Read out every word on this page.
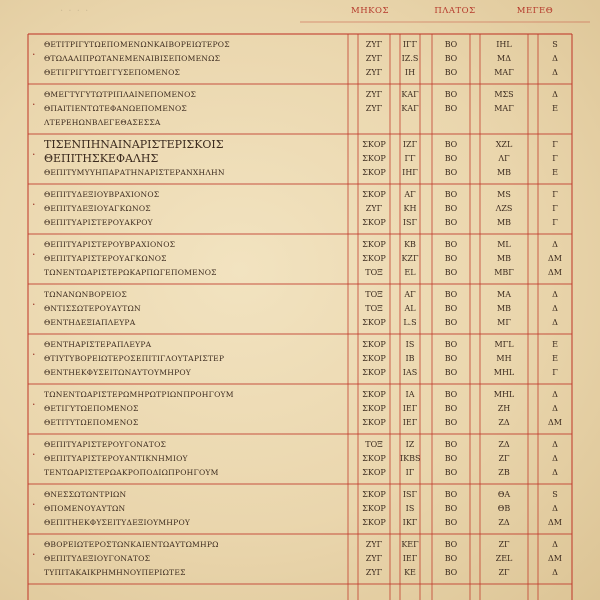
· · · ·	ΜΗΚΟΣ	ΠΛΑΤΟΣ	ΜΕΓΕΘ
ΘΕΤΙΤΡΙΓΥΤΩΕΠΟΜΕΝΩΝΚΑΙΒΟΡΕΙΩΤΕΡΟΣ	ΖΥΓ	ΙΓΓ	ΒΟ	ΙΗL	S
ΘΤΩΛΑΛΙΠΡΩΤΑΝΕΜΕΝΑΙΒΙΣΕΠΟΜΕΝΩΣ	ΖΥΓ	ΙΖ.S	ΒΟ	ΜΔ	Δ
ΘΕΤΙΓΡΙΓΥΤΩΕΓΓΥΣΕΠΟΜΕΝΟΣ	ΖΥΓ	ΙΗ	ΒΟ	ΜΑΓ	Δ
·
ΘΜΕΓΤΥΓΥΤΩΤΡΙΠΛΑΙΝΕΠΟΜΕΝΟΣ	ΖΥΓ	ΚΑΓ	ΒΟ	ΜΣS	Δ
ΘΠΑΙΤΙΕΝΤΩΤΕΦΑΝΩΕΠΟΜΕΝΟΣ	ΖΥΓ	ΚΑΓ	ΒΟ	ΜΑΓ	Ε
ΛΤΕΡΕΗΩΝΒΛΕΓΕΘΑΣΕΣΣΑ
·
ΤΙΣΕΝΠΗΝΑΙΝΑΡΙΣΤΕΡΙΣΚΟΙΣ	ΣΚΟΡ	ΙΖΓ	ΒΟ	ΧΖL	Γ
ΘΕΠΙΤΗΣΚΕΦΑΛΗΣ	ΣΚΟΡ	ΓΓ	ΒΟ	ΛΓ	Γ
ΘΕΠΙΤΥΜΥΥΗΠΑΡΑΤΗΝΑΡΙΣΤΕΡΑΝΧΗΛΗΝ	ΣΚΟΡ	ΙΗΓ	ΒΟ	ΜΒ	Ε
·
ΘΕΠΙΤΥΔΕΞΙΟΥΒΡΑΧΙΟΝΟΣ	ΣΚΟΡ	ΑΓ	ΒΟ	ΜS	Γ
ΘΕΠΙΤΥΔΕΞΙΟΥΑΓΚΩΝΟΣ	ΖΥΓ	ΚΗ	ΒΟ	ΛΖS	Γ
ΘΕΠΙΤΥΑΡΙΣΤΕΡΟΥΑΚΡΟΥ	ΣΚΟΡ	ΙSΓ	ΒΟ	ΜΒ	Γ
·
ΘΕΠΙΤΥΑΡΙΣΤΕΡΟΥΒΡΑΧΙΟΝΟΣ	ΣΚΟΡ	ΚΒ	ΒΟ	ΜL	Δ
ΘΕΠΙΤΥΑΡΙΣΤΕΡΟΥΑΓΚΩΝΟΣ	ΣΚΟΡ	ΚΖΓ	ΒΟ	ΜΒ	ΔΜ
ΤΩΝΕΝΤΩΑΡΙΣΤΕΡΩΚΑΡΠΩΓΕΠΟΜΕΝΟΣ	ΤΟΞ	ΕL	ΒΟ	ΜΒΓ	ΔΜ
·
ΤΩΝΑΝΩΝΒΟΡΕΙΟΣ	ΤΟΞ	ΑΓ	ΒΟ	ΜΑ	Δ
ΘΝΤΙΣΣΩΤΕΡΟΥΑΥΤΩΝ	ΤΟΞ	ΑL	ΒΟ	ΜΒ	Δ
ΘΕΝΤΗΔΕΞΙΑΠΛΕΥΡΑ	ΣΚΟΡ	L.S	ΒΟ	ΜΓ	Δ
·
ΘΕΝΤΗΑΡΙΣΤΕΡΑΠΛΕΥΡΑ	ΣΚΟΡ	ΙS	ΒΟ	ΜΓL	Ε
ΘΤΙΥΤΥΒΟΡΕΙΩΤΕΡΟΣΕΠΙΤΙΓΛΟΥΤΑΡΙΣΤΕΡ	ΣΚΟΡ	ΙΒ	ΒΟ	ΜΗ	Ε
ΘΕΝΤΗΕΚΦΥΣΕΙΤΩΝΑΥΤΟΥΜΗΡΟΥ	ΣΚΟΡ	ΙΑS	ΒΟ	ΜΗL	Γ
·
ΤΩΝΕΝΤΩΑΡΙΣΤΕΡΩΜΗΡΩΤΡΙΩΝΠΡΟΗΓΟΥΜ	ΣΚΟΡ	ΙΑ	ΒΟ	ΜΗL	Δ
ΘΕΤΙΓΥΤΩΕΠΟΜΕΝΟΣ	ΣΚΟΡ	ΙΕΓ	ΒΟ	ΖΗ	Δ
ΘΕΤΙΤΥΤΩΕΠΟΜΕΝΟΣ	ΣΚΟΡ	ΙΕΓ	ΒΟ	ΖΔ	ΔΜ
·
ΘΕΠΙΤΥΑΡΙΣΤΕΡΟΥΓΟΝΑΤΟΣ	ΤΟΞ	ΙΖ	ΒΟ	ΖΔ	Δ
ΘΕΠΙΤΥΑΡΙΣΤΕΡΟΥΑΝΤΙΚΝΗΜΙΟΥ	ΣΚΟΡ	ΙΚΒS	ΒΟ	ΖΓ	Δ
ΤΕΝΤΩΑΡΙΣΤΕΡΩΑΚΡΟΠΟΔΙΩΠΡΟΗΓΟΥΜ	ΣΚΟΡ	ΙΓ	ΒΟ	ΖΒ	Δ
·
ΘΝΕΣΣΩΤΩΝΤΡΙΩΝ	ΣΚΟΡ	ΙSΓ	ΒΟ	ΘΑ	S
ΘΠΟΜΕΝΟΥΑΥΤΩΝ	ΣΚΟΡ	ΙS	ΒΟ	ΘΒ	Δ
ΘΕΠΙΤΗΕΚΦΥΣΕΙΤΥΔΕΞΙΟΥΜΗΡΟΥ	ΣΚΟΡ	ΙΚΓ	ΒΟ	ΖΔ	ΔΜ
·
ΘΒΟΡΕΙΩΤΕΡΟΣΤΩΝΚΑΙΕΝΤΩΑΥΤΩΜΗΡΩ	ΖΥΓ	ΚΕΓ	ΒΟ	ΖΓ	Δ
ΘΕΠΙΤΥΔΕΞΙΟΥΓΟΝΑΤΟΣ	ΖΥΓ	ΙΕΓ	ΒΟ	ΖΕL	ΔΜ
ΤΥΠΙΤΑΚΑΙΚΡΗΜΗΝΟΥΠΕΡΙΩΤΕΣ	ΖΥΓ	ΚΕ	ΒΟ	ΖΓ	Δ
·
